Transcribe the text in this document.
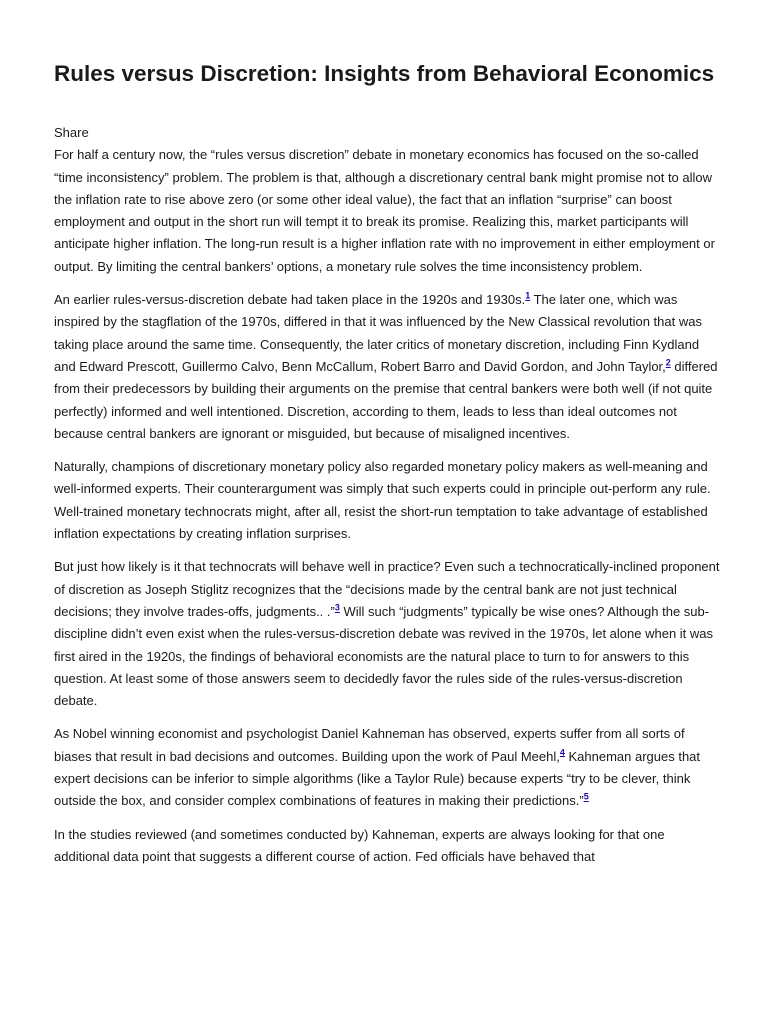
Rules versus Discretion: Insights from Behavioral Economics
Share

For half a century now, the “rules versus discretion” debate in monetary economics has focused on the so-called “time inconsistency” problem. The problem is that, although a discretionary central bank might promise not to allow the inflation rate to rise above zero (or some other ideal value), the fact that an inflation “surprise” can boost employment and output in the short run will tempt it to break its promise. Realizing this, market participants will anticipate higher inflation. The long-run result is a higher inflation rate with no improvement in either employment or output. By limiting the central bankers’ options, a monetary rule solves the time inconsistency problem.

An earlier rules-versus-discretion debate had taken place in the 1920s and 1930s.$^1$ The later one, which was inspired by the stagflation of the 1970s, differed in that it was influenced by the New Classical revolution that was taking place around the same time. Consequently, the later critics of monetary discretion, including Finn Kydland and Edward Prescott, Guillermo Calvo, Benn McCallum, Robert Barro and David Gordon, and John Taylor,$^2$ differed from their predecessors by building their arguments on the premise that central bankers were both well (if not quite perfectly) informed and well intentioned. Discretion, according to them, leads to less than ideal outcomes not because central bankers are ignorant or misguided, but because of misaligned incentives.

Naturally, champions of discretionary monetary policy also regarded monetary policy makers as well-meaning and well-informed experts. Their counterargument was simply that such experts could in principle out-perform any rule. Well-trained monetary technocrats might, after all, resist the short-run temptation to take advantage of established inflation expectations by creating inflation surprises.

But just how likely is it that technocrats will behave well in practice? Even such a technocratically-inclined proponent of discretion as Joseph Stiglitz recognizes that the “decisions made by the central bank are not just technical decisions; they involve trades-offs, judgments.. .”$^3$ Will such “judgments” typically be wise ones? Although the sub-discipline didn’t even exist when the rules-versus-discretion debate was revived in the 1970s, let alone when it was first aired in the 1920s, the findings of behavioral economists are the natural place to turn to for answers to this question. At least some of those answers seem to decidedly favor the rules side of the rules-versus-discretion debate.

As Nobel winning economist and psychologist Daniel Kahneman has observed, experts suffer from all sorts of biases that result in bad decisions and outcomes. Building upon the work of Paul Meehl,$^4$ Kahneman argues that expert decisions can be inferior to simple algorithms (like a Taylor Rule) because experts “try to be clever, think outside the box, and consider complex combinations of features in making their predictions.”$^5$

In the studies reviewed (and sometimes conducted by) Kahneman, experts are always looking for that one additional data point that suggests a different course of action. Fed officials have behaved that
